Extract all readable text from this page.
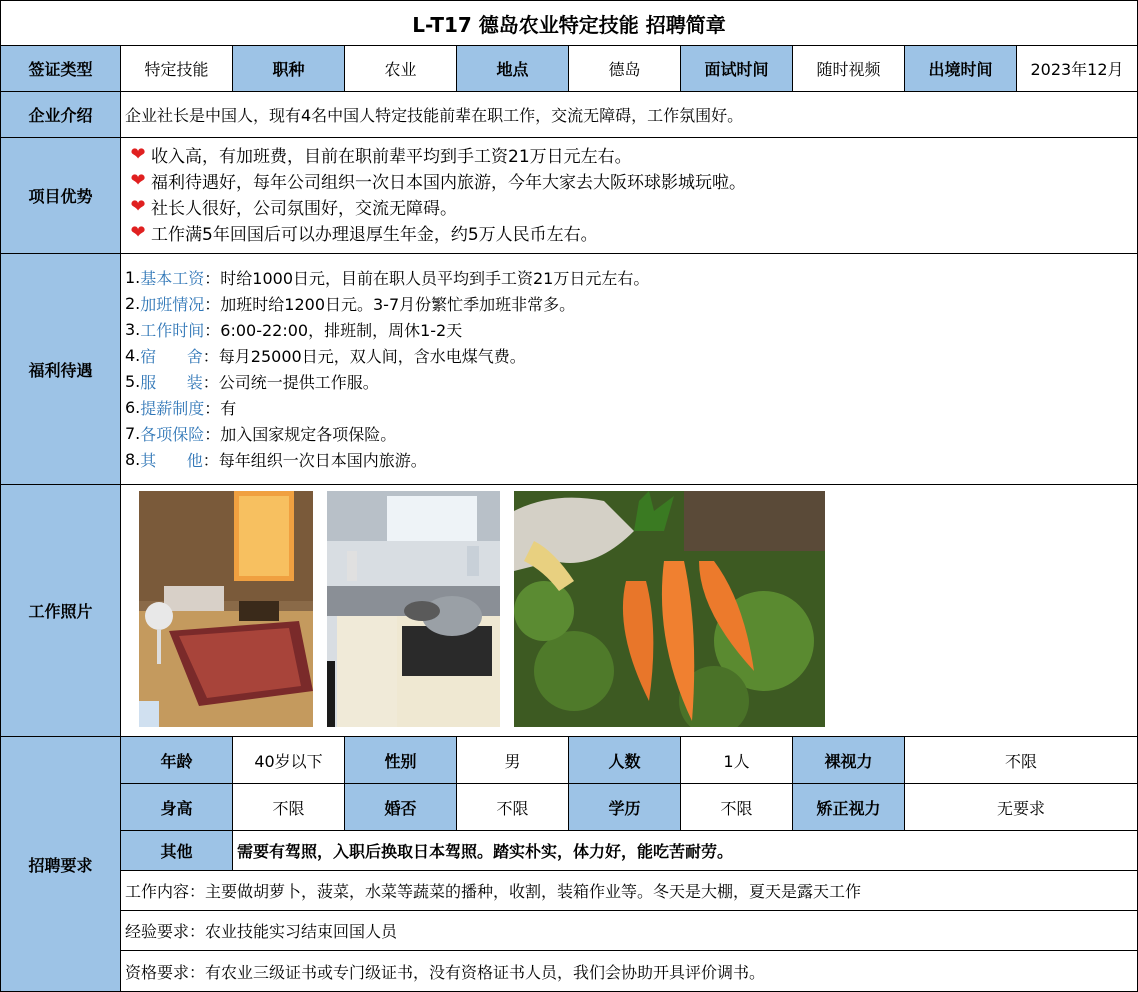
L-T17 德岛农业特定技能 招聘简章
签证类型	特定技能	职种	农业	地点	德岛	面试时间	随时视频	出境时间	2023年12月
企业介绍	企业社长是中国人，现有4名中国人特定技能前辈在职工作，交流无障碍，工作氛围好。
项目优势
❤ 收入高，有加班费，目前在职前辈平均到手工资21万日元左右。
❤ 福利待遇好，每年公司组织一次日本国内旅游，今年大家去大阪环球影城玩啦。
❤ 社长人很好，公司氛围好，交流无障碍。
❤ 工作满5年回国后可以办理退厚生年金，约5万人民币左右。
福利待遇
1. 基本工资 ：时给1000日元，目前在职人员平均到手工资21万日元左右。
2. 加班情况 ：加班时给1200日元。3-7月份繁忙季加班非常多。
3. 工作时间 ：6:00-22:00，排班制，周休1-2天
4. 宿      舍 ：每月25000日元，双人间，含水电煤气费。
5. 服      装 ：公司统一提供工作服。
6. 提薪制度 ：有
7. 各项保险 ：加入国家规定各项保险。
8. 其      他 ：每年组织一次日本国内旅游。
工作照片
招聘要求
年龄	40岁以下	性别	男	人数	1人	裸视力	不限
身高	不限	婚否	不限	学历	不限	矫正视力	无要求
其他	需要有驾照，入职后换取日本驾照。踏实朴实，体力好，能吃苦耐劳。
工作内容：主要做胡萝卜，菠菜，水菜等蔬菜的播种，收割，装箱作业等。冬天是大棚，夏天是露天工作
经验要求：农业技能实习结束回国人员
资格要求：有农业三级证书或专门级证书，没有资格证书人员，我们会协助开具评价调书。
